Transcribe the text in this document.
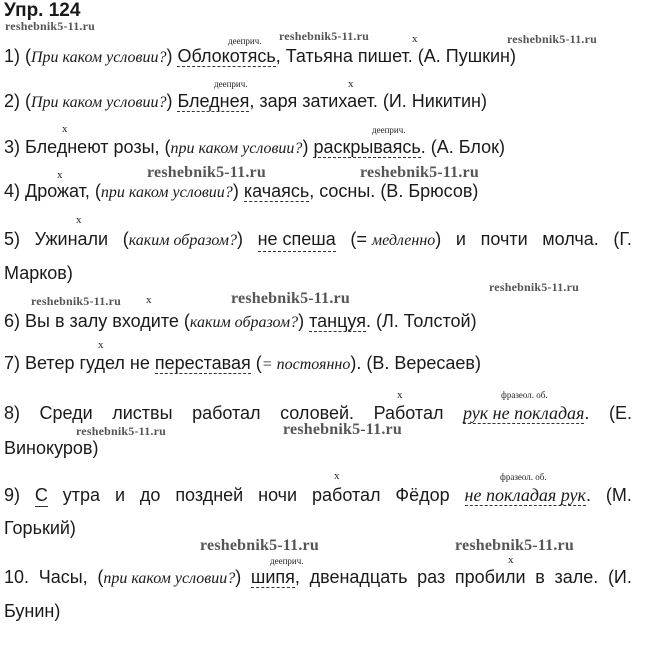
Упр. 124
reshebnik5-11.ru
reshebnik5-11.ru	reshebnik5-11.ru
reshebnik5-11.ru	reshebnik5-11.ru
reshebnik5-11.ru
reshebnik5-11.ru	reshebnik5-11.ru
reshebnik5-11.ru	reshebnik5-11.ru
reshebnik5-11.ru	reshebnik5-11.ru
дееприч.	х
дееприч.	х
х	дееприч.
х
х
х
х
х	фразеол. об.
х	фразеол. об.
дееприч.	х
1) (При каком условии?) Облокотясь, Татьяна пишет. (А. Пушкин)
2) (При каком условии?) Бледнея, заря затихает. (И. Никитин)
3) Бледнеют розы, (при каком условии?) раскрываясь. (А. Блок)
4) Дрожат, (при каком условии?) качаясь, сосны. (В. Брюсов)
5) Ужинали (каким образом?) не спеша (= медленно) и почти молча. (Г.
Марков)
6) Вы в залу входите (каким образом?) танцуя. (Л. Толстой)
7) Ветер гудел не переставая (= постоянно). (В. Вересаев)
8) Среди листвы работал соловей. Работал рук не покладая. (Е.
Винокуров)
9) С утра и до поздней ночи работал Фёдор не покладая рук. (М.
Горький)
10. Часы, (при каком условии?) шипя, двенадцать раз пробили в зале. (И.
Бунин)
